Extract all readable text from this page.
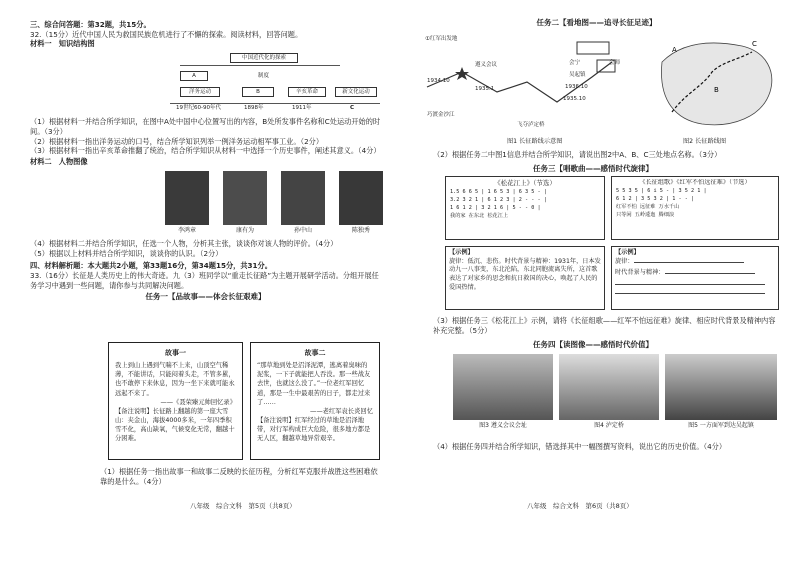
三、综合问答题：第32题，共15分。
32.（15分）近代中国人民为救国民族危机进行了不懈的探索。阅读材料，回答问题。
材料一　知识结构图
中国近代化的探索
A	制度
洋务运动	B	辛亥革命	新文化运动
19世纪60-90年代	1898年	1911年	C
（1）根据材料一并结合所学知识，在图中A处中国中心位置写出的内容，B处所发事件名称和C处运动开始的时间。（3分）
（2）根据材料一指出洋务运动的口号，结合所学知识列举一例洋务运动相军事工业。（2分）
（3）根据材料一指出辛亥革命推翻了统治，结合所学知识从材料一中选择一个历史事件，阐述其意义。（4分）
材料二　人物图像
李鸿章	康有为	孙中山	陈独秀
（4）根据材料二并结合所学知识，任选一个人物，分析其主张，谈谈你对该人物的评价。（4分）
（5）根据以上材料并结合所学知识，谈谈你的认识。（2分）
四、材料解析题：本大题共2小题，第33题16分，第34题15分，共31分。
33.（16分）长征是人类历史上的伟大奇迹。九（3）班同学以“重走长征路”为主题开展研学活动。分组开展任务学习中遇到一些问题，请你参与共同解决问题。
任务一【品故事——体会长征艰难】
故事一
我上到山上遇到气喘不上来，山顶空气稀薄，不能讲话，只能闷着头走，不管多累，也不敢停下来休息，因为一坐下来就可能永远起不来了。
——《聂荣臻元帅回忆录》
【备注说明】长征路上翻越的第一座大雪山：夹金山，海拔4000多米，一年四季积雪不化，高山缺氧，气候变化无常，翻越十分困难。
故事二
“那草地到处是沼泽泥潭，逃离着臭味的泥浆，一下子就能把人吞没。那一些战友去世，也就这么没了。”一位老红军回忆道，那是一生中最艰苦的日子，都走过来了……
——老红军袁长炎回忆
【备注说明】红军经过的草地是沼泽地带，对行军构成巨大危险，很多地方都是无人区，翻越草地异常艰辛。
（1）根据任务一指出故事一和故事二反映的长征历程，分析红军克服并战胜这些困难依靠的是什么。（4分）
八年级　综合文科　第5页（共8页）
任务二【看地图——追寻长征足迹】
①红军出发地
1934.10
遵义会议
1935.1
巧渡金沙江
飞夺泸定桥
1935.10
吴起镇
会宁
1936.10
会师
图1 长征路线示意图
A
B
C
图2 长征路线图
（2）根据任务二中图1信息并结合所学知识，请说出图2中A、B、C三处地点名称。（3分）
任务三【唱歌曲——感悟时代旋律】
《松花江上》（节选）
1.5 6 6 5 | 1 6 5 3 | 6 3 5 - |
3.2 3 2 1 | 6 1 2 3 | 2 - - - |
1 6 1 2 | 3 2 1 6 | 5 - - 0 |
我的家 在东北 松花江上
《长征组歌》《红军不怕远征难》（节选）
5 5 3 5 | 6 i 5 - | 3 5 2 1 |
6 1 2 | 3 5 3 2 | 1 - - |
红军不怕 远征难 万水千山
只等闲 五岭逶迤 腾细浪
【示例】
旋律：低沉、悲伤。时代背景与精神：1931年，日本发动九一八事变，东北沦陷，东北同胞流离失所，这首歌表达了对家乡的思念和抗日救国的决心，唤起了人民的爱国热情。
【示例】
旋律：
时代背景与精神：
（3）根据任务三《松花江上》示例，请将《长征组歌——红军不怕远征难》旋律、相应时代背景及精神内容补充完整。（5分）
任务四【读图像——感悟时代价值】
图3 遵义会议会址	图4 泸定桥	图5 一方面军到达吴起镇
（4）根据任务四并结合所学知识，错选择其中一幅图撰写资料，说出它的历史价值。（4分）
八年级　综合文科　第6页（共8页）
